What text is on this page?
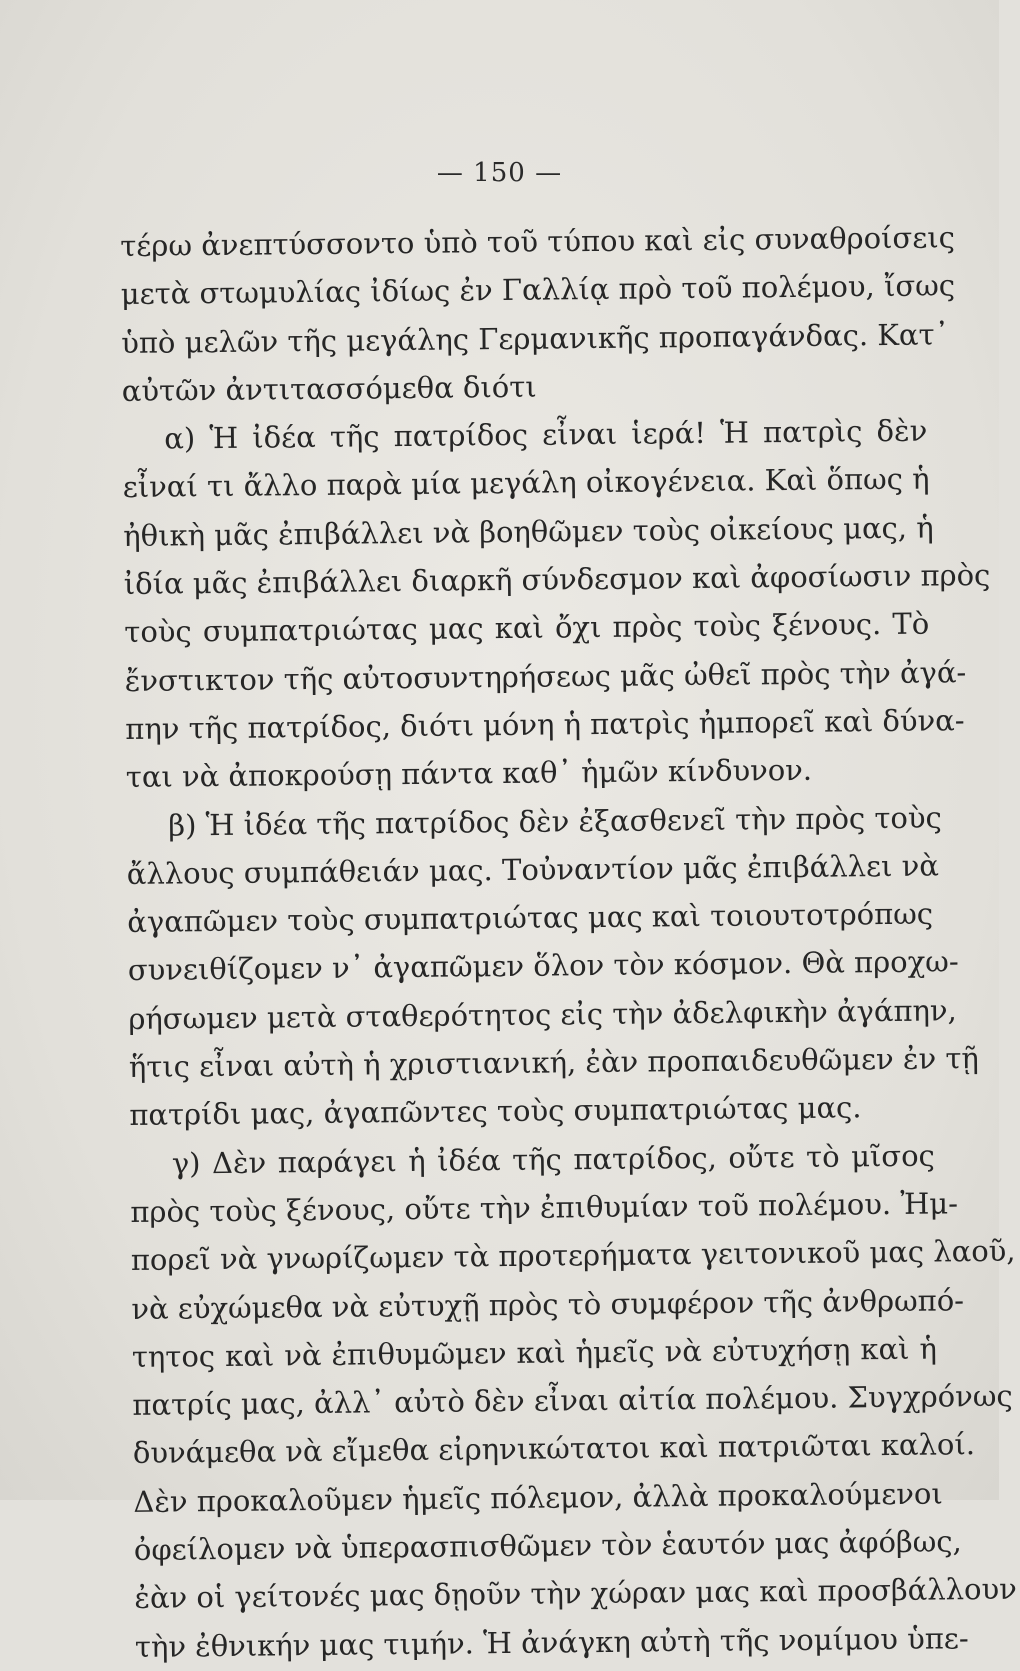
— 150 —
τέρω ἀνεπτύσσοντο ὑπὸ τοῦ τύπου καὶ εἰς συναθροίσεις
μετὰ στωμυλίας ἰδίως ἐν Γαλλίᾳ πρὸ τοῦ πολέμου, ἴσως
ὑπὸ μελῶν τῆς μεγάλης Γερμανικῆς προπαγάνδας. Κατ᾽
αὐτῶν ἀντιτασσόμεθα διότι
α) Ἡ ἰδέα τῆς πατρίδος εἶναι ἱερά! Ἡ πατρὶς δὲν
εἶναί τι ἄλλο παρὰ μία μεγάλη οἰκογένεια. Καὶ ὅπως ἡ
ἠθικὴ μᾶς ἐπιβάλλει νὰ βοηθῶμεν τοὺς οἰκείους μας, ἡ
ἰδία μᾶς ἐπιβάλλει διαρκῆ σύνδεσμον καὶ ἀφοσίωσιν πρὸς
τοὺς συμπατριώτας μας καὶ ὄχι πρὸς τοὺς ξένους. Τὸ
ἔνστικτον τῆς αὐτοσυντηρήσεως μᾶς ὠθεῖ πρὸς τὴν ἀγά-
πην τῆς πατρίδος, διότι μόνη ἡ πατρὶς ἠμπορεῖ καὶ δύνα-
ται νὰ ἀποκρούσῃ πάντα καθ᾽ ἡμῶν κίνδυνον.
β) Ἡ ἰδέα τῆς πατρίδος δὲν ἐξασθενεῖ τὴν πρὸς τοὺς
ἄλλους συμπάθειάν μας. Τοὐναντίον μᾶς ἐπιβάλλει νὰ
ἀγαπῶμεν τοὺς συμπατριώτας μας καὶ τοιουτοτρόπως
συνειθίζομεν ν᾽ ἀγαπῶμεν ὅλον τὸν κόσμον. Θὰ προχω-
ρήσωμεν μετὰ σταθερότητος εἰς τὴν ἀδελφικὴν ἀγάπην,
ἥτις εἶναι αὐτὴ ἡ χριστιανική, ἐὰν προπαιδευθῶμεν ἐν τῇ
πατρίδι μας, ἀγαπῶντες τοὺς συμπατριώτας μας.
γ) Δὲν παράγει ἡ ἰδέα τῆς πατρίδος, οὔτε τὸ μῖσος
πρὸς τοὺς ξένους, οὔτε τὴν ἐπιθυμίαν τοῦ πολέμου. Ἠμ-
πορεῖ νὰ γνωρίζωμεν τὰ προτερήματα γειτονικοῦ μας λαοῦ,
νὰ εὐχώμεθα νὰ εὐτυχῇ πρὸς τὸ συμφέρον τῆς ἀνθρωπό-
τητος καὶ νὰ ἐπιθυμῶμεν καὶ ἡμεῖς νὰ εὐτυχήσῃ καὶ ἡ
πατρίς μας, ἀλλ᾽ αὐτὸ δὲν εἶναι αἰτία πολέμου. Συγχρόνως
δυνάμεθα νὰ εἴμεθα εἰρηνικώτατοι καὶ πατριῶται καλοί.
Δὲν προκαλοῦμεν ἡμεῖς πόλεμον, ἀλλὰ προκαλούμενοι
ὀφείλομεν νὰ ὑπερασπισθῶμεν τὸν ἑαυτόν μας ἀφόβως,
ἐὰν οἱ γείτονές μας δῃοῦν τὴν χώραν μας καὶ προσβάλλουν
τὴν ἐθνικήν μας τιμήν. Ἡ ἀνάγκη αὐτὴ τῆς νομίμου ὑπε-
